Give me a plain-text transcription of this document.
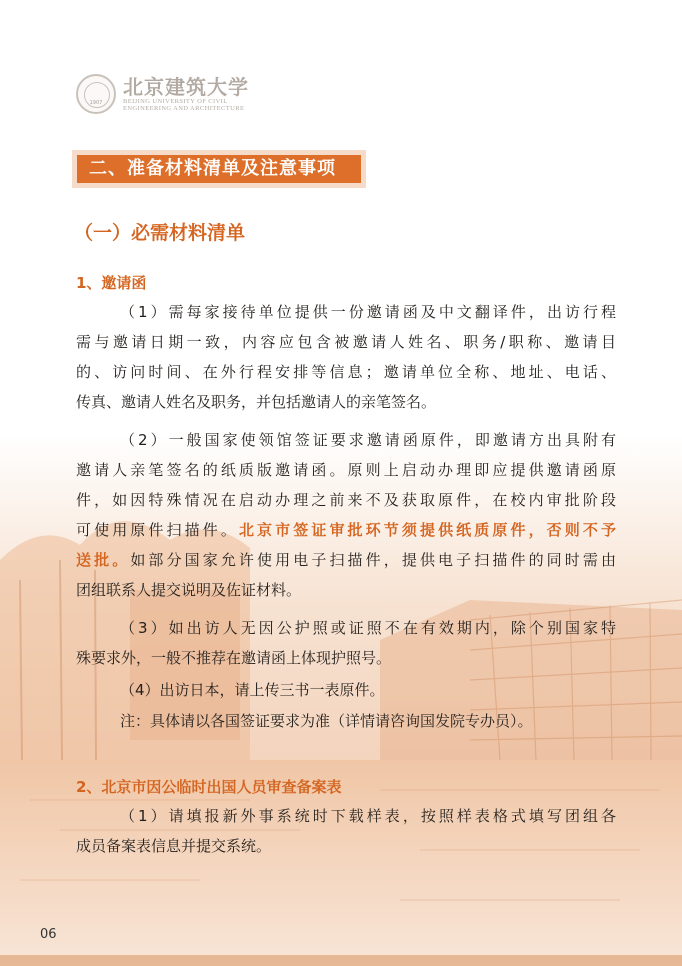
1907
北京建筑大学
BEIJING UNIVERSITY OF CIVIL
ENGINEERING AND ARCHITECTURE
二、准备材料清单及注意事项
（一）必需材料清单
1、邀请函
（1）需每家接待单位提供一份邀请函及中文翻译件，出访行程
需与邀请日期一致，内容应包含被邀请人姓名、职务/职称、邀请目
的、访问时间、在外行程安排等信息；邀请单位全称、地址、电话、
传真、邀请人姓名及职务，并包括邀请人的亲笔签名。
（2）一般国家使领馆签证要求邀请函原件，即邀请方出具附有
邀请人亲笔签名的纸质版邀请函。原则上启动办理即应提供邀请函原
件，如因特殊情况在启动办理之前来不及获取原件，在校内审批阶段
可使用原件扫描件。北京市签证审批环节须提供纸质原件，否则不予
送批。如部分国家允许使用电子扫描件，提供电子扫描件的同时需由
团组联系人提交说明及佐证材料。
（3）如出访人无因公护照或证照不在有效期内，除个别国家特
殊要求外，一般不推荐在邀请函上体现护照号。
（4）出访日本，请上传三书一表原件。
注：具体请以各国签证要求为准（详情请咨询国发院专办员）。
2、北京市因公临时出国人员审查备案表
（1）请填报新外事系统时下载样表，按照样表格式填写团组各
成员备案表信息并提交系统。
06
